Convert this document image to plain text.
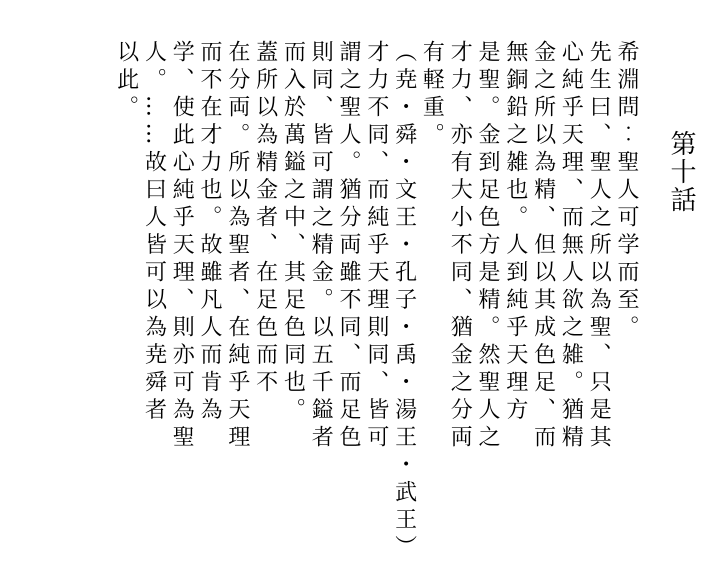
第十話
希淵問︰聖人可学而至。
先生曰、聖人之所以為聖、只是其
心純乎天理、而無人欲之雑。猶精
金之所以為精、但以其成色足、而
無銅鉛之雑也。人到純乎天理方
是聖。金到足色方是精。然聖人之
才力、亦有大小不同、猶金之分両
有軽重。
（尭・舜・文王・孔子・禹・湯王・武王）
才力不同、而純乎天理則同、皆可
謂之聖人。猶分両雖不同、而足色
則同、皆可謂之精金。以五千鎰者
而入於萬鎰之中、其足色同也。
蓋所以為精金者、在足色而不
在分両。所以為聖者、在純乎天理
而不在才力也。故雖凡人而肯為
学、使此心純乎天理、則亦可為聖
人。……故曰人皆可以為尭舜者
以此。
